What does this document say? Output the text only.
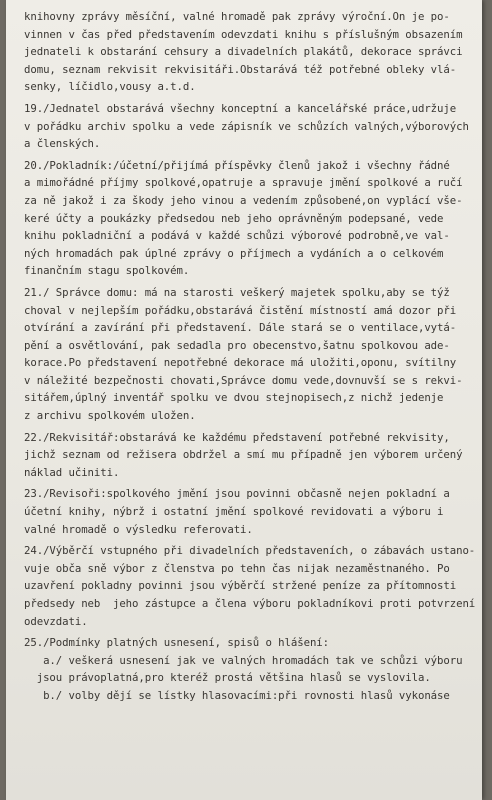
knihovny zprávy měsíční, valné hromadě pak zprávy výroční.On je po-
vinnen v čas před představením odevzdati knihu s příslušným obsazením
jednateli k obstarání cehsury a divadelních plakátů, dekorace správci
domu, seznam rekvisit rekvisitáři.Obstarává též potřebné obleky vlá-
senky, líčidlo,vousy a.t.d.
19./Jednatel obstarává všechny konceptní a kancelářské práce,udržuje
v pořádku archiv spolku a vede zápisník ve schůzích valných,výborových
a členských.
20./Pokladník:/účetní/přijímá příspěvky členů jakož i všechny řádné
a mimořádné příjmy spolkové,opatruje a spravuje jmění spolkové a ručí
za ně jakož i za škody jeho vinou a vedením způsobené,on vyplácí vše-
keré účty a poukázky předsedou neb jeho oprávněným podepsané, vede
knihu pokladniční a podává v každé schůzi výborové podrobně,ve val-
ných hromadách pak úplné zprávy o příjmech a vydáních a o celkovém
finančním stagu spolkovém.
21./ Správce domu: má na starosti veškerý majetek spolku,aby se týž
choval v nejlepším pořádku,obstarává čistění místností amá dozor při
otvírání a zavírání při představení. Dále stará se o ventilace,vytá-
pění a osvětlování, pak sedadla pro obecenstvo,šatnu spolkovou ade-
korace.Po představení nepotřebné dekorace má uložiti,oponu, svítilny
v náležité bezpečnosti chovati,Správce domu vede,dovnuvší se s rekvi-
sitářem,úplný inventář spolku ve dvou stejnopisech,z nichž jedenje
z archivu spolkovém uložen.
22./Rekvisitář:obstarává ke každému představení potřebné rekvisity,
jichž seznam od režisera obdržel a smí mu případně jen výborem určený
náklad učiniti.
23./Revisoři:spolkového jmění jsou povinni občasně nejen pokladní a
účetní knihy, nýbrž i ostatní jmění spolkové revidovati a výboru i
valné hromadě o výsledku referovati.
24./Výběrčí vstupného při divadelních představeních, o zábavách ustano-
vuje obča sně výbor z členstva po tehn čas nijak nezaměstnaného. Po
uzavření pokladny povinni jsou výběrčí stržené peníze za přítomnosti
předsedy neb  jeho zástupce a člena výboru pokladníkovi proti potvrzení
odevzdati.
25./Podmínky platných usnesení, spisů o hlášení:
a./ veškerá usnesení jak ve valných hromadách tak ve schůzi výboru
jsou právoplatná,pro kteréž prostá většina hlasů se vyslovila.
b./ volby dějí se lístky hlasovacími:při rovnosti hlasů vykonáse
